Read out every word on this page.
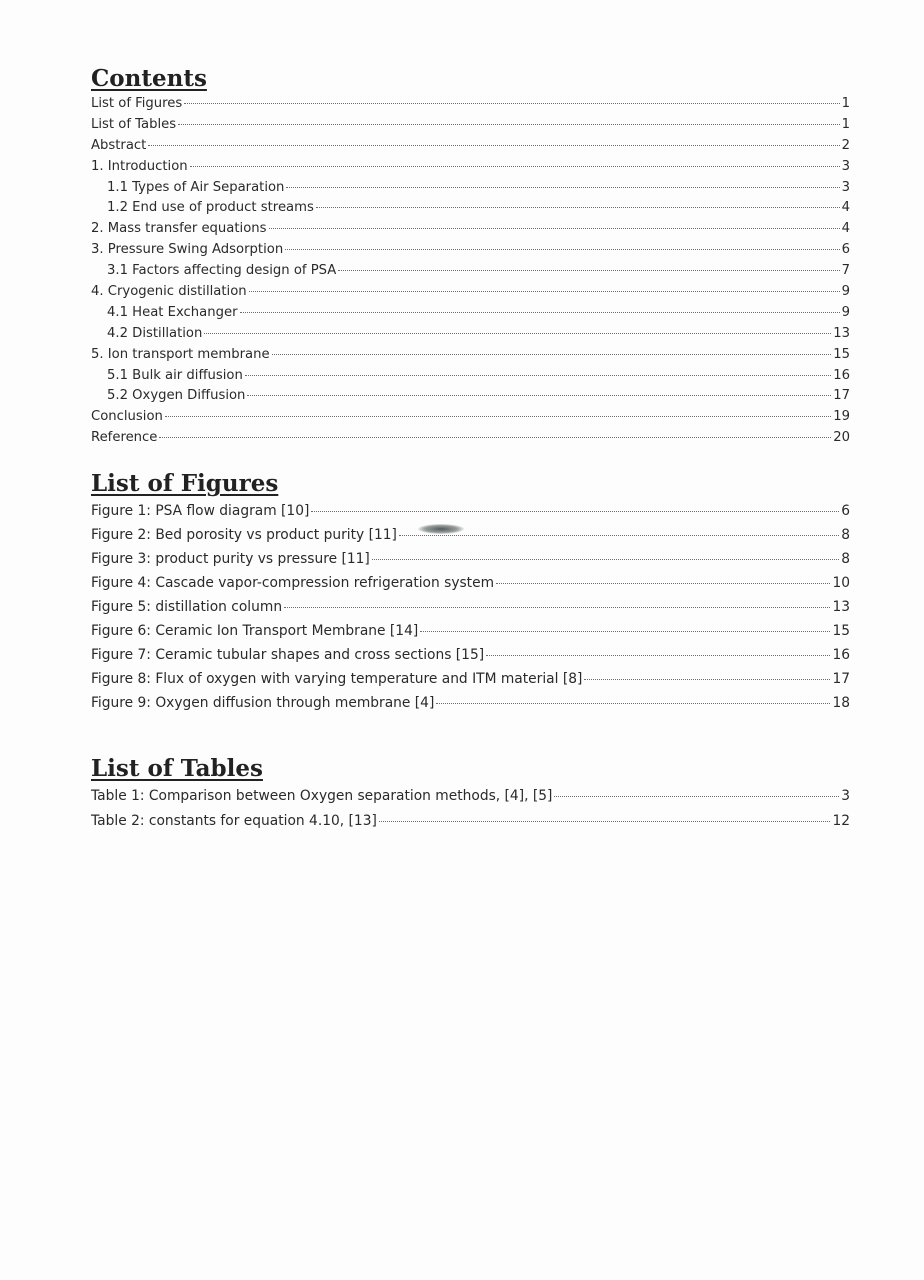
Contents
List of Figures	1
List of Tables	1
Abstract	2
1. Introduction	3
1.1 Types of Air Separation	3
1.2 End use of product streams	4
2. Mass transfer equations	4
3. Pressure Swing Adsorption	6
3.1 Factors affecting design of PSA	7
4. Cryogenic distillation	9
4.1 Heat Exchanger	9
4.2 Distillation	13
5. Ion transport membrane	15
5.1 Bulk air diffusion	16
5.2 Oxygen Diffusion	17
Conclusion	19
Reference	20
List of Figures
Figure 1: PSA flow diagram [10]	6
Figure 2: Bed porosity vs product purity [11]	8
Figure 3: product purity vs pressure [11]	8
Figure 4: Cascade vapor-compression refrigeration system	10
Figure 5: distillation column	13
Figure 6: Ceramic Ion Transport Membrane [14]	15
Figure 7: Ceramic tubular shapes and cross sections [15]	16
Figure 8: Flux of oxygen with varying temperature and ITM material [8]	17
Figure 9: Oxygen diffusion through membrane [4]	18
List of Tables
Table 1: Comparison between Oxygen separation methods, [4], [5]	3
Table 2: constants for equation 4.10, [13]	12
